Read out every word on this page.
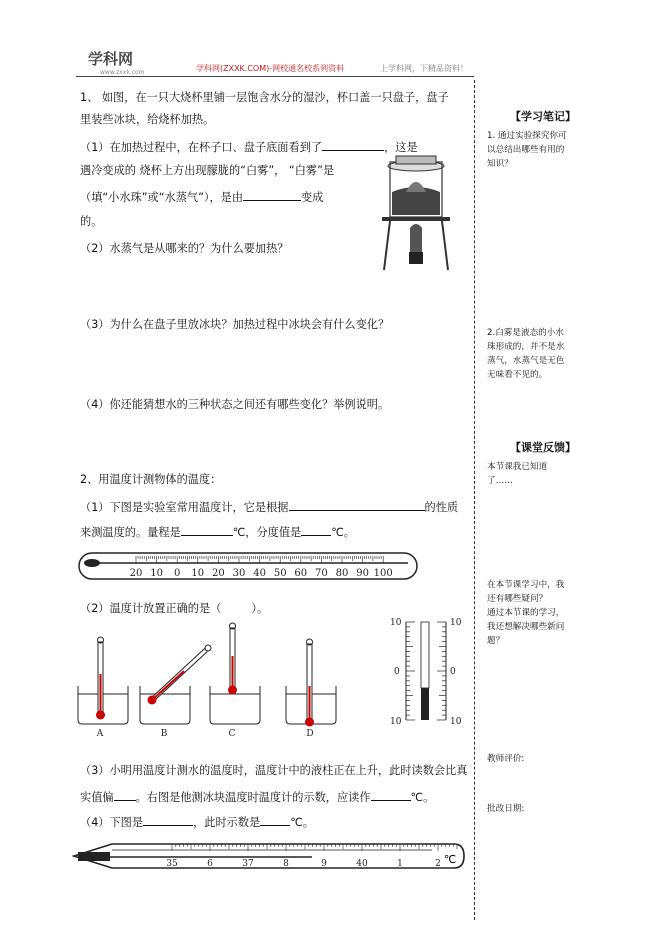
学科网
www.zxxk.com	学科网(ZXXK.COM)-网校通名校系列资料	上学科网，下精品资料！
1、 如图，在一只大烧杯里铺一层饱含水分的湿沙，杯口盖一只盘子，盘子
里装些冰块，给烧杯加热。
（1）在加热过程中，在杯子口、盘子底面看到了	，这是
遇冷变成的 烧杯上方出现朦胧的“白雾”， “白雾”是
（填“小水珠”或“水蒸气”），是由	变成
的。
（2）水蒸气是从哪来的？为什么要加热？
（3）为什么在盘子里放冰块？加热过程中冰块会有什么变化？
（4）你还能猜想水的三种状态之间还有哪些变化？举例说明。
2、用温度计测物体的温度：
（1）下图是实验室常用温度计，它是根据	的性质
来测温度的。量程是	℃，分度值是	℃。
20 10 0 10 20 30 40 50 60 70 80 90 100
（2）温度计放置正确的是（	）。
A	B	C	D
10	10
0	0
10	10
（3）小明用温度计测水的温度时，温度计中的液柱正在上升，此时读数会比真
实值偏 。右图是他测冰块温度时温度计的示数，应读作	℃。
（4）下图是	，此时示数是	℃。
35	6	37	8	9	40	1	2 ℃
【学习笔记】
1. 通过实验探究你可
以总结出哪些有用的
知识？
2.白雾是液态的小水
珠形成的，并不是水
蒸气，水蒸气是无色
无味看不见的。
【课堂反馈】
本节课我已知道
了……
在本节课学习中，我
还有哪些疑问？
通过本节课的学习，
我还想解决哪些新问
题？
教师评价:
批改日期:
